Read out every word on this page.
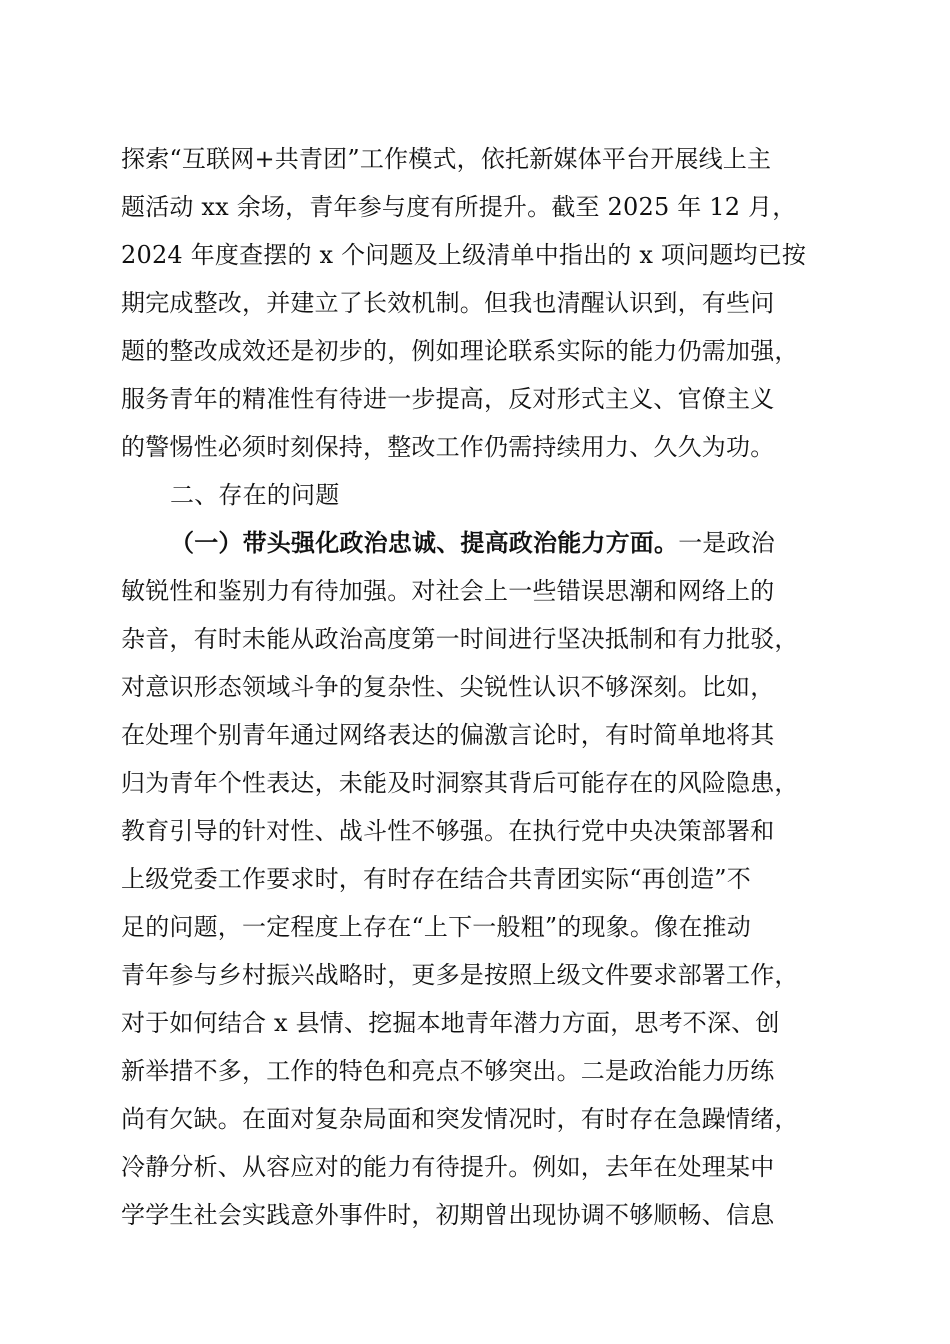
探索“互联网+共青团”工作模式，依托新媒体平台开展线上主
题活动 xx 余场，青年参与度有所提升。截至 2025 年 12 月，
2024 年度查摆的 x 个问题及上级清单中指出的 x 项问题均已按
期完成整改，并建立了长效机制。但我也清醒认识到，有些问
题的整改成效还是初步的，例如理论联系实际的能力仍需加强，
服务青年的精准性有待进一步提高，反对形式主义、官僚主义
的警惕性必须时刻保持，整改工作仍需持续用力、久久为功。
二、存在的问题
（一）带头强化政治忠诚、提高政治能力方面。一是政治
敏锐性和鉴别力有待加强。对社会上一些错误思潮和网络上的
杂音，有时未能从政治高度第一时间进行坚决抵制和有力批驳，
对意识形态领域斗争的复杂性、尖锐性认识不够深刻。比如，
在处理个别青年通过网络表达的偏激言论时，有时简单地将其
归为青年个性表达，未能及时洞察其背后可能存在的风险隐患，
教育引导的针对性、战斗性不够强。在执行党中央决策部署和
上级党委工作要求时，有时存在结合共青团实际“再创造”不
足的问题，一定程度上存在“上下一般粗”的现象。像在推动
青年参与乡村振兴战略时，更多是按照上级文件要求部署工作，
对于如何结合 x 县情、挖掘本地青年潜力方面，思考不深、创
新举措不多，工作的特色和亮点不够突出。二是政治能力历练
尚有欠缺。在面对复杂局面和突发情况时，有时存在急躁情绪，
冷静分析、从容应对的能力有待提升。例如，去年在处理某中
学学生社会实践意外事件时，初期曾出现协调不够顺畅、信息
